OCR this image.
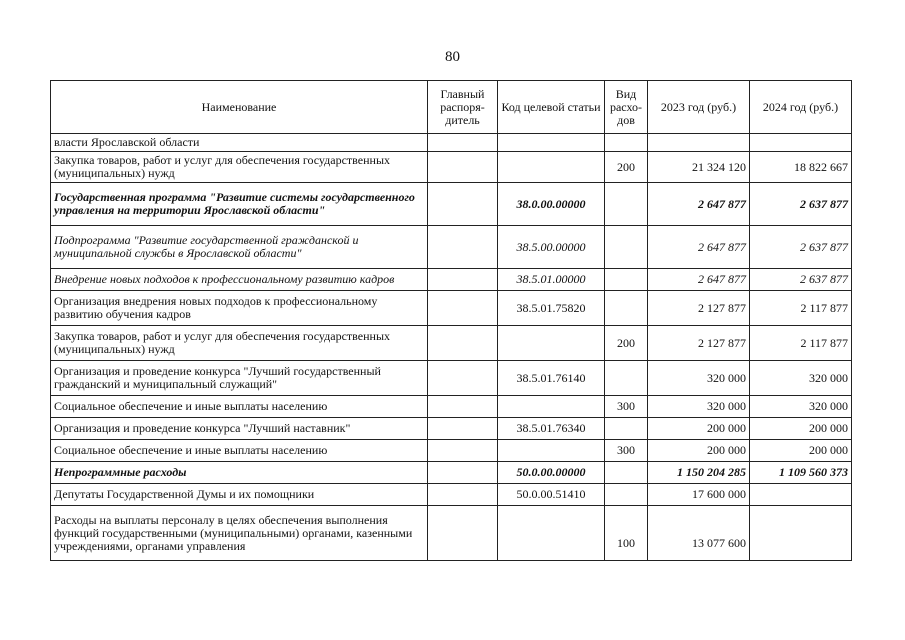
80
Наименование	Главный распоря-дитель	Код целевой статьи	Вид расхо-дов	2023 год (руб.)	2024 год (руб.)
власти Ярославской области					
Закупка товаров, работ и услуг для обеспечения государственных (муниципальных) нужд			200	21 324 120	18 822 667
Государственная программа "Развитие системы государственного управления на территории Ярославской области"		38.0.00.00000		2 647 877	2 637 877
Подпрограмма "Развитие государственной гражданской и муниципальной службы в Ярославской области"		38.5.00.00000		2 647 877	2 637 877
Внедрение новых подходов к профессиональному развитию кадров		38.5.01.00000		2 647 877	2 637 877
Организация внедрения новых подходов к профессиональному развитию обучения кадров		38.5.01.75820		2 127 877	2 117 877
Закупка товаров, работ и услуг для обеспечения государственных (муниципальных) нужд			200	2 127 877	2 117 877
Организация и проведение конкурса "Лучший государственный гражданский и муниципальный служащий"		38.5.01.76140		320 000	320 000
Социальное обеспечение и иные выплаты населению			300	320 000	320 000
Организация и проведение конкурса "Лучший наставник"		38.5.01.76340		200 000	200 000
Социальное обеспечение и иные выплаты населению			300	200 000	200 000
Непрограммные расходы		50.0.00.00000		1 150 204 285	1 109 560 373
Депутаты Государственной Думы и их помощники		50.0.00.51410		17 600 000	
Расходы на выплаты персоналу в целях обеспечения выполнения функций государственными (муниципальными) органами, казенными учреждениями, органами управления			100	13 077 600	
